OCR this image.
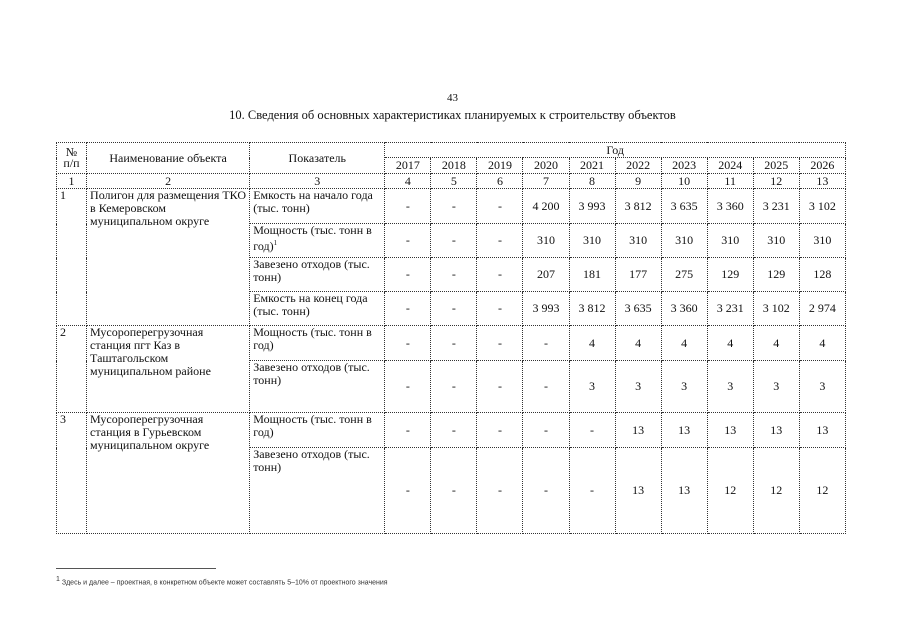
43
10. Сведения об основных характеристиках планируемых к строительству объектов
№
п/п	Наименование объекта	Показатель	Год									
			2017	2018	2019	2020	2021	2022	2023	2024	2025	2026
1	2	3	4	5	6	7	8	9	10	11	12	13
1	Полигон для размещения ТКО в Кемеровском муниципальном округе	Емкость на начало года (тыс. тонн)	-	-	-	4 200	3 993	3 812	3 635	3 360	3 231	3 102
		Мощность (тыс. тонн в год)$^1$	-	-	-	310	310	310	310	310	310	310
		Завезено отходов (тыс. тонн)	-	-	-	207	181	177	275	129	129	128
		Емкость на конец года (тыс. тонн)	-	-	-	3 993	3 812	3 635	3 360	3 231	3 102	2 974
2	Мусороперегрузочная станция пгт Каз в Таштагольском муниципальном районе	Мощность (тыс. тонн в год)	-	-	-	-	4	4	4	4	4	4
		Завезено отходов (тыс. тонн)	-	-	-	-	3	3	3	3	3	3
3	Мусороперегрузочная станция в Гурьевском муниципальном округе	Мощность (тыс. тонн в год)	-	-	-	-	-	13	13	13	13	13
		Завезено отходов (тыс. тонн)	-	-	-	-	-	13	13	12	12	12
$^1$ Здесь и далее – проектная, в конкретном объекте может составлять 5–10% от проектного значения
